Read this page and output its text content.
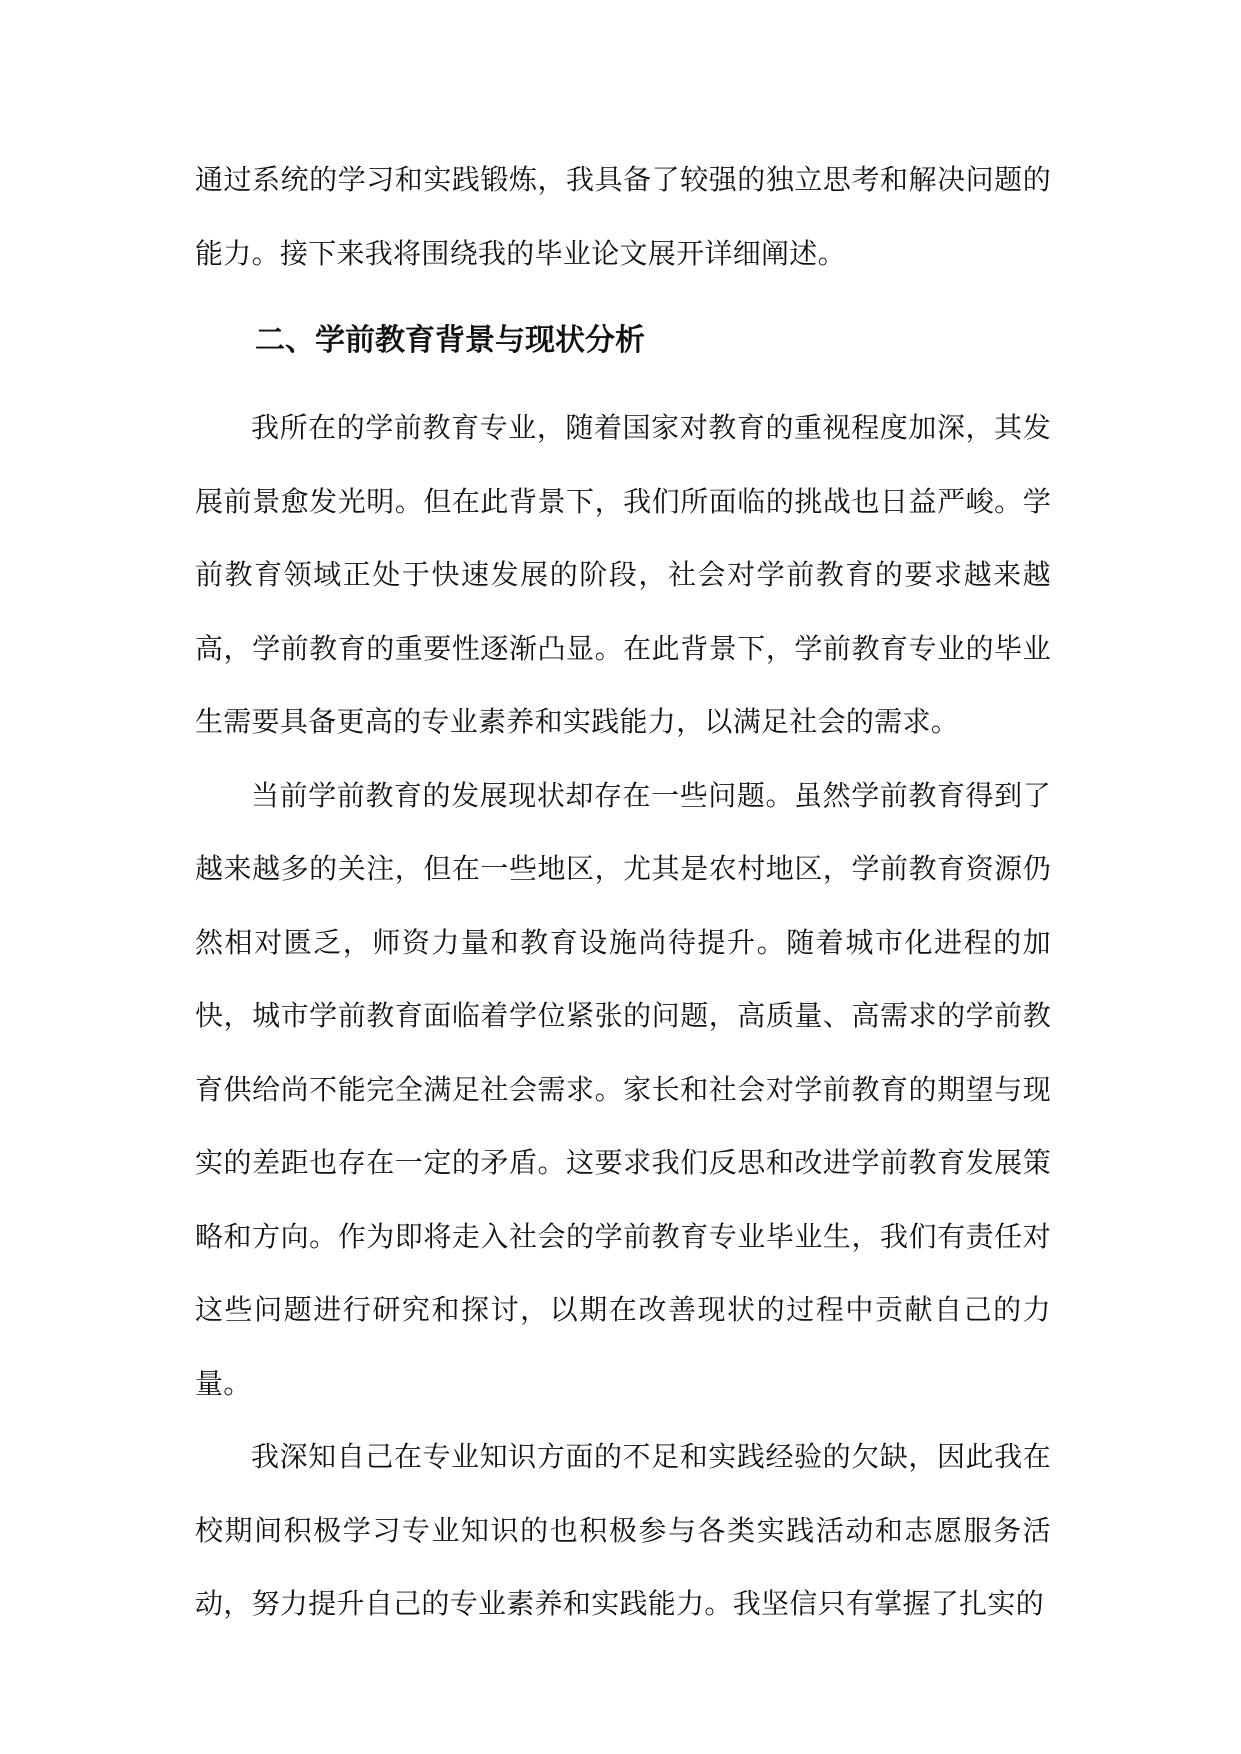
通过系统的学习和实践锻炼，我具备了较强的独立思考和解决问题的能力。接下来我将围绕我的毕业论文展开详细阐述。

二、学前教育背景与现状分析

我所在的学前教育专业，随着国家对教育的重视程度加深，其发展前景愈发光明。但在此背景下，我们所面临的挑战也日益严峻。学前教育领域正处于快速发展的阶段，社会对学前教育的要求越来越高，学前教育的重要性逐渐凸显。在此背景下，学前教育专业的毕业生需要具备更高的专业素养和实践能力，以满足社会的需求。

当前学前教育的发展现状却存在一些问题。虽然学前教育得到了越来越多的关注，但在一些地区，尤其是农村地区，学前教育资源仍然相对匮乏，师资力量和教育设施尚待提升。随着城市化进程的加快，城市学前教育面临着学位紧张的问题，高质量、高需求的学前教育供给尚不能完全满足社会需求。家长和社会对学前教育的期望与现实的差距也存在一定的矛盾。这要求我们反思和改进学前教育发展策略和方向。作为即将走入社会的学前教育专业毕业生，我们有责任对这些问题进行研究和探讨，以期在改善现状的过程中贡献自己的力量。

我深知自己在专业知识方面的不足和实践经验的欠缺，因此我在校期间积极学习专业知识的也积极参与各类实践活动和志愿服务活动，努力提升自己的专业素养和实践能力。我坚信只有掌握了扎实的
